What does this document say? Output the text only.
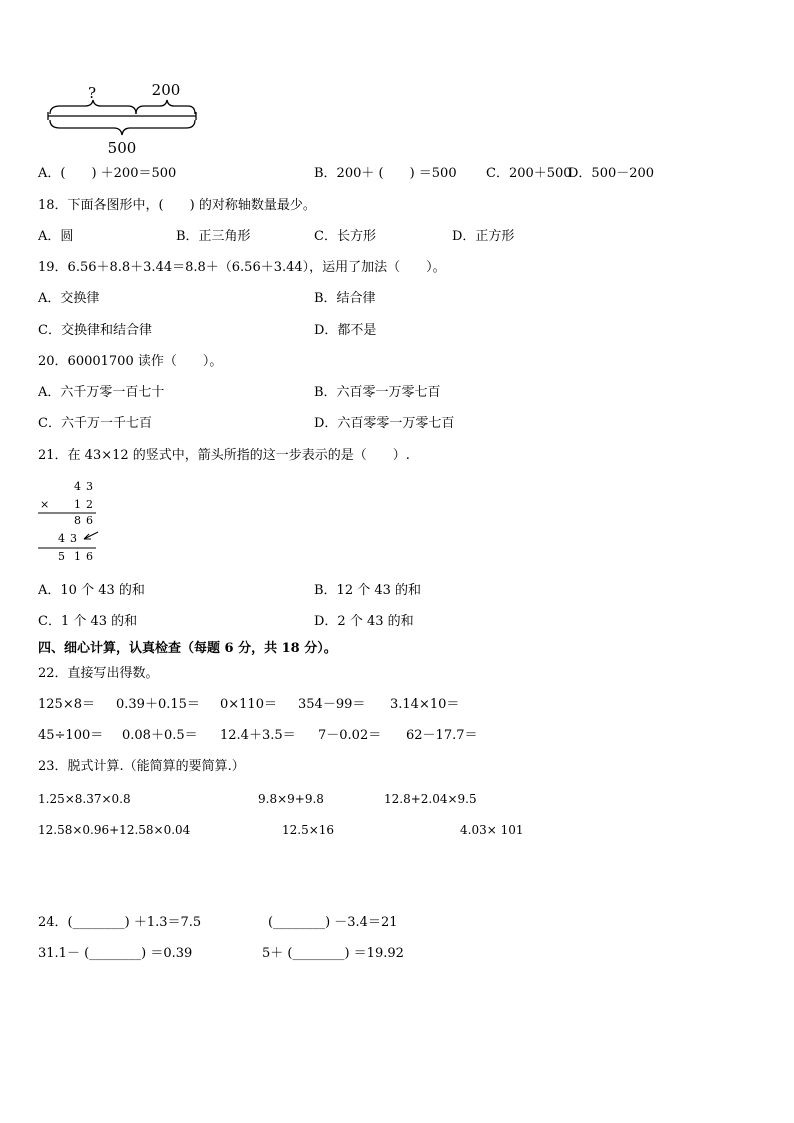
?	200
500
A．(　　) ＋200＝500	B．200＋ (　　) ＝500 C．200＋500
D．500－200
18．下面各图形中，(　　) 的对称轴数量最少。
A．圆	B．正三角形	C．长方形	D．正方形
19．6.56＋8.8＋3.44＝8.8＋（6.56＋3.44），运用了加法（　　）。
A．交换律	B．结合律
C．交换律和结合律	D．都不是
20．60001700 读作（　　）。
A．六千万零一百七十	B．六百零一万零七百
C．六千万一千七百	D．六百零零一万零七百
21．在 43×12 的竖式中，箭头所指的这一步表示的是（　　）.
4 3
× 1 2
8 6
4 3
5 1 6
A．10 个 43 的和	B．12 个 43 的和
C．1 个 43 的和	D．2 个 43 的和
四、细心计算，认真检查（每题 6 分，共 18 分）。
22．直接写出得数。
125×8＝ 0.39＋0.15＝ 0×110＝ 354－99＝ 3.14×10＝
45÷100＝ 0.08＋0.5＝ 12.4＋3.5＝ 7－0.02＝ 62－17.7＝
23．脱式计算.（能简算的要简算.）
1.25×8.37×0.8	9.8×9+9.8	12.8+2.04×9.5
12.58×0.96+12.58×0.04	12.5×16	4.03× 101
24．(________) ＋1.3＝7.5	(________) －3.4＝21
31.1－ (________) ＝0.39	5＋ (________) ＝19.92
